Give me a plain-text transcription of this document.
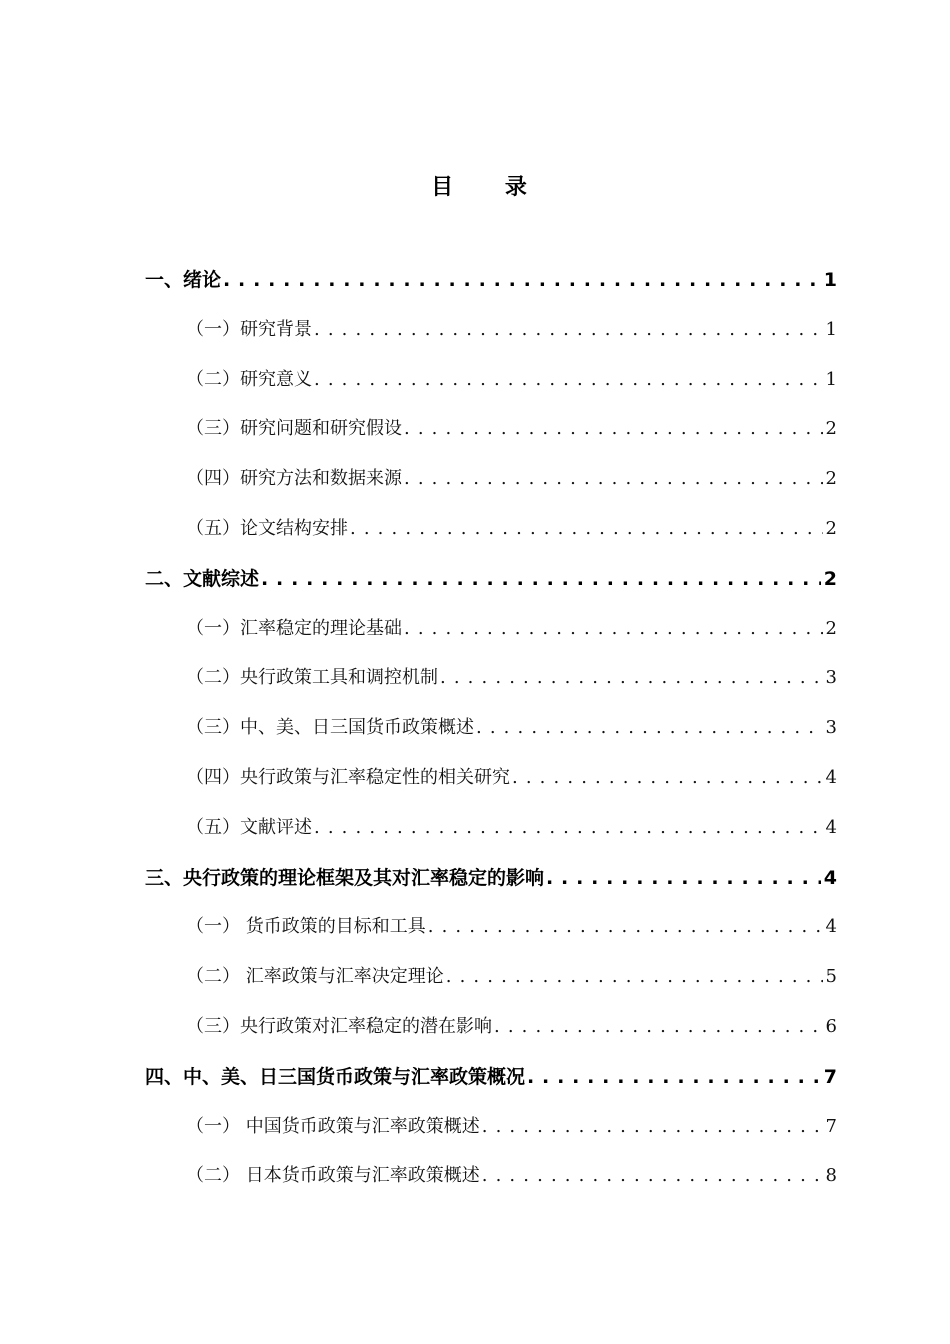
目 录
一、绪论 . . .	1
（一）研究背景 . . .	1
（二）研究意义 . . .	1
（三）研究问题和研究假设 . . .	2
（四）研究方法和数据来源 . . .	2
（五）论文结构安排 . . .	2
二、文献综述 . . .	2
（一）汇率稳定的理论基础 . . .	2
（二）央行政策工具和调控机制 . . .	3
（三）中、美、日三国货币政策概述 . . .	3
（四）央行政策与汇率稳定性的相关研究 . . .	4
（五）文献评述 . . .	4
三、央行政策的理论框架及其对汇率稳定的影响 . . .	4
（一） 货币政策的目标和工具 . . .	4
（二） 汇率政策与汇率决定理论 . . .	5
（三）央行政策对汇率稳定的潜在影响 . . .	6
四、中、美、日三国货币政策与汇率政策概况 . . .	7
（一） 中国货币政策与汇率政策概述 . . .	7
（二） 日本货币政策与汇率政策概述 . . .	8
